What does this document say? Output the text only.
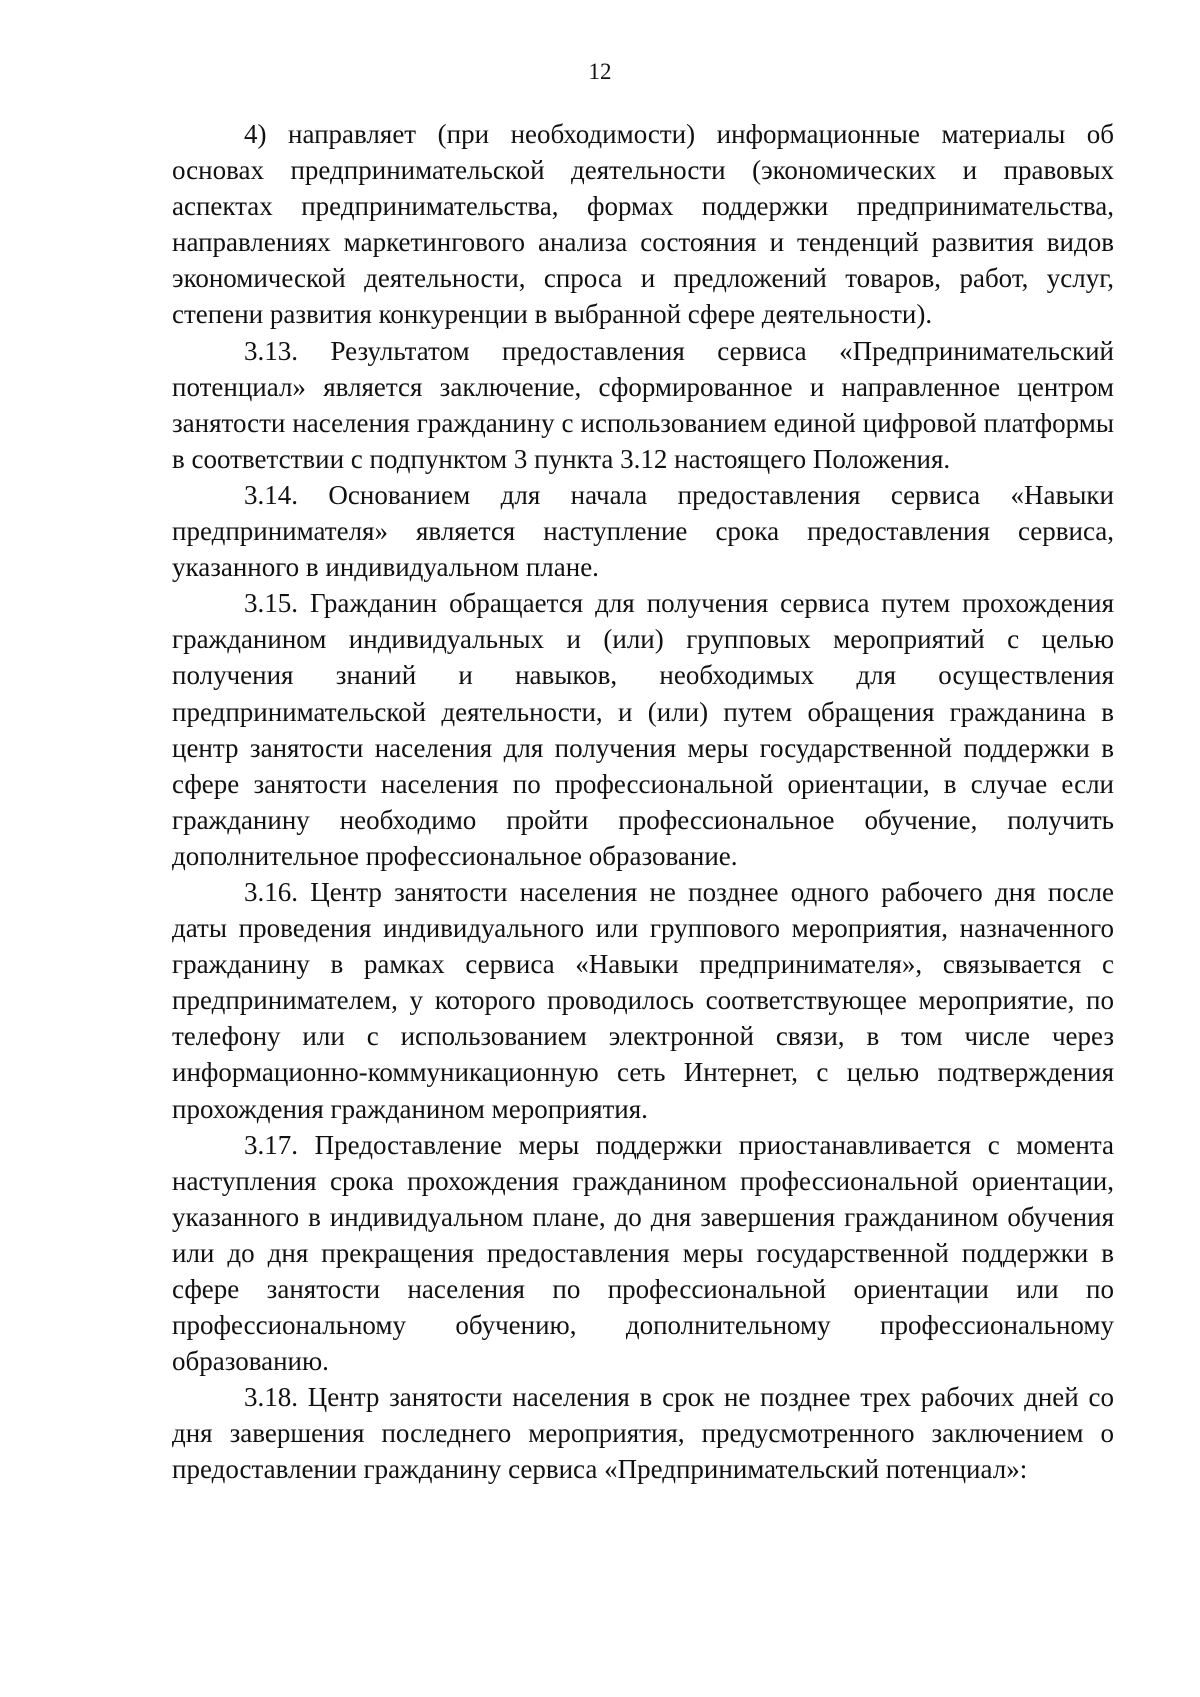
12

4) направляет (при необходимости) информационные материалы об основах предпринимательской деятельности (экономических и правовых аспектах предпринимательства, формах поддержки предпринимательства, направлениях маркетингового анализа состояния и тенденций развития видов экономической деятельности, спроса и предложений товаров, работ, услуг, степени развития конкуренции в выбранной сфере деятельности).

3.13. Результатом предоставления сервиса «Предпринимательский потенциал» является заключение, сформированное и направленное центром занятости населения гражданину с использованием единой цифровой платформы в соответствии с подпунктом 3 пункта 3.12 настоящего Положения.

3.14. Основанием для начала предоставления сервиса «Навыки предпринимателя» является наступление срока предоставления сервиса, указанного в индивидуальном плане.

3.15. Гражданин обращается для получения сервиса путем прохождения гражданином индивидуальных и (или) групповых мероприятий с целью получения знаний и навыков, необходимых для осуществления предпринимательской деятельности, и (или) путем обращения гражданина в центр занятости населения для получения меры государственной поддержки в сфере занятости населения по профессиональной ориентации, в случае если гражданину необходимо пройти профессиональное обучение, получить дополнительное профессиональное образование.

3.16. Центр занятости населения не позднее одного рабочего дня после даты проведения индивидуального или группового мероприятия, назначенного гражданину в рамках сервиса «Навыки предпринимателя», связывается с предпринимателем, у которого проводилось соответствующее мероприятие, по телефону или с использованием электронной связи, в том числе через информационно-коммуникационную сеть Интернет, с целью подтверждения прохождения гражданином мероприятия.

3.17. Предоставление меры поддержки приостанавливается с момента наступления срока прохождения гражданином профессиональной ориентации, указанного в индивидуальном плане, до дня завершения гражданином обучения или до дня прекращения предоставления меры государственной поддержки в сфере занятости населения по профессиональной ориентации или по профессиональному обучению, дополнительному профессиональному образованию.

3.18. Центр занятости населения в срок не позднее трех рабочих дней со дня завершения последнего мероприятия, предусмотренного заключением о предоставлении гражданину сервиса «Предпринимательский потенциал»:
